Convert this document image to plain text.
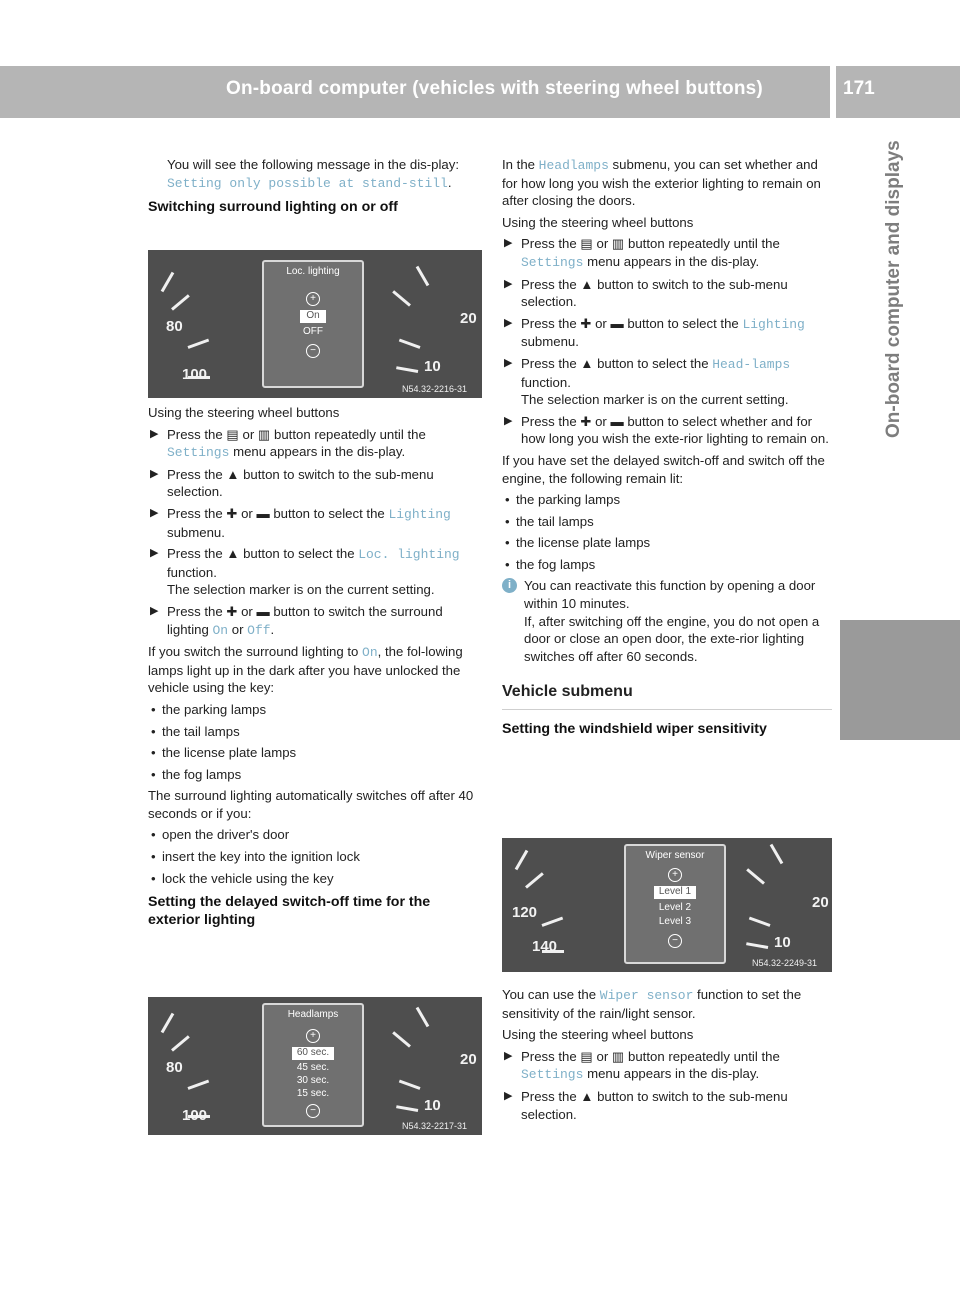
On-board computer (vehicles with steering wheel buttons)	171
On-board computer and displays

You will see the following message in the dis-play: Setting only possible at stand-still.

Switching surround lighting on or off
80
100
Loc. lighting
+
On
OFF
−
20
10
N54.32-2216-31

Using the steering wheel buttons

▶ Press the ▤ or ▥ button repeatedly until the Settings menu appears in the dis-play.
▶ Press the ▲ button to switch to the sub-menu selection.
▶ Press the ✚ or ▬ button to select the Lighting submenu.
▶ Press the ▲ button to select the Loc. lighting function.
The selection marker is on the current setting.
▶ Press the ✚ or ▬ button to switch the surround lighting On or Off.

If you switch the surround lighting to On, the fol-lowing lamps light up in the dark after you have unlocked the vehicle using the key:

• the parking lamps
• the tail lamps
• the license plate lamps
• the fog lamps

The surround lighting automatically switches off after 40 seconds or if you:

• open the driver's door
• insert the key into the ignition lock
• lock the vehicle using the key
Setting the delayed switch-off time for the exterior lighting
80
100
Headlamps
+
60 sec.
45 sec.
30 sec.
15 sec.
−
20
10
N54.32-2217-31

In the Headlamps submenu, you can set whether and for how long you wish the exterior lighting to remain on after closing the doors.

Using the steering wheel buttons

▶ Press the ▤ or ▥ button repeatedly until the Settings menu appears in the dis-play.
▶ Press the ▲ button to switch to the sub-menu selection.
▶ Press the ✚ or ▬ button to select the Lighting submenu.
▶ Press the ▲ button to select the Head-lamps function.
The selection marker is on the current setting.
▶ Press the ✚ or ▬ button to select whether and for how long you wish the exte-rior lighting to remain on.

If you have set the delayed switch-off and switch off the engine, the following remain lit:

• the parking lamps
• the tail lamps
• the license plate lamps
• the fog lamps
i You can reactivate this function by opening a door within 10 minutes.
If, after switching off the engine, you do not open a door or close an open door, the exte-rior lighting switches off after 60 seconds.
Vehicle submenu
Setting the windshield wiper sensitivity
120
140
Wiper sensor
+
Level 1
Level 2
Level 3
−
20
10
N54.32-2249-31

You can use the Wiper sensor function to set the sensitivity of the rain/light sensor.

Using the steering wheel buttons

▶ Press the ▤ or ▥ button repeatedly until the Settings menu appears in the dis-play.
▶ Press the ▲ button to switch to the sub-menu selection.
